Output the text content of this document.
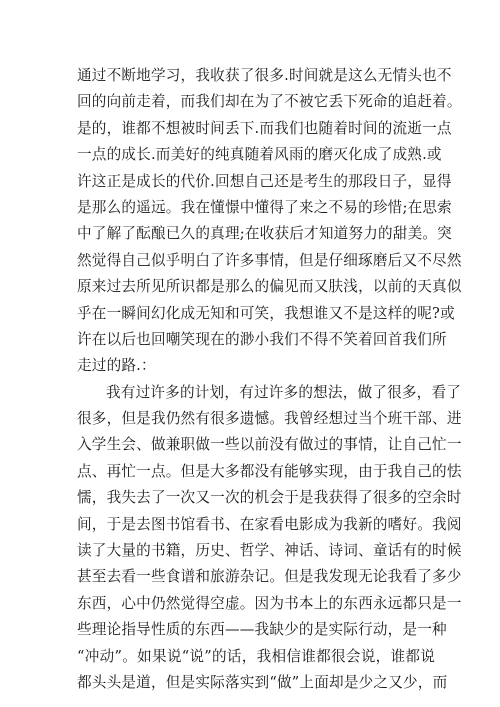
通过不断地学习，我收获了很多.时间就是这么无情头也不
回的向前走着，而我们却在为了不被它丢下死命的追赶着。
是的，谁都不想被时间丢下.而我们也随着时间的流逝一点
一点的成长.而美好的纯真随着风雨的磨灭化成了成熟.或
许这正是成长的代价.回想自己还是考生的那段日子，显得
是那么的遥远。我在懂憬中懂得了来之不易的珍惜;在思索
中了解了酝酿已久的真理;在收获后才知道努力的甜美。突
然觉得自己似乎明白了许多事情，但是仔细琢磨后又不尽然
原来过去所见所识都是那么的偏见而又肤浅，以前的天真似
乎在一瞬间幻化成无知和可笑，我想谁又不是这样的呢?或
许在以后也回嘲笑现在的渺小我们不得不笑着回首我们所
走过的路.：
我有过许多的计划，有过许多的想法，做了很多，看了
很多，但是我仍然有很多遗憾。我曾经想过当个班干部、进
入学生会、做兼职做一些以前没有做过的事情，让自己忙一
点、再忙一点。但是大多都没有能够实现，由于我自己的怯
懦，我失去了一次又一次的机会于是我获得了很多的空余时
间，于是去图书馆看书、在家看电影成为我新的嗜好。我阅
读了大量的书籍，历史、哲学、神话、诗词、童话有的时候
甚至去看一些食谱和旅游杂记。但是我发现无论我看了多少
东西，心中仍然觉得空虚。因为书本上的东西永远都只是一
些理论指导性质的东西——我缺少的是实际行动，是一种
“冲动”。如果说“说”的话，我相信谁都很会说，谁都说
都头头是道，但是实际落实到“做”上面却是少之又少，而
